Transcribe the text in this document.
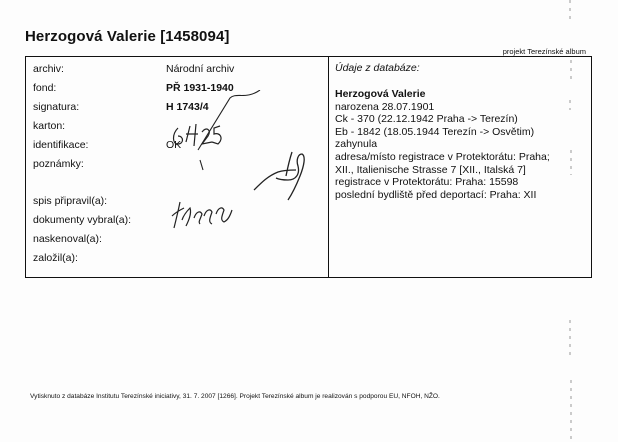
Herzogová Valerie [1458094]
projekt Terezínské album
archiv:
fond:
signatura:
karton:
identifikace:
poznámky:
spis připravil(a):
dokumenty vybral(a):
naskenoval(a):
založil(a):
Národní archiv
PŘ 1931-1940
H 1743/4
OK
Údaje z databáze:
Herzogová Valerie
narozena 28.07.1901
Ck - 370 (22.12.1942 Praha -> Terezín)
Eb - 1842 (18.05.1944 Terezín -> Osvětim)
zahynula
adresa/místo registrace v Protektorátu: Praha;
XII., Italienische Strasse 7 [XII., Italská 7]
registrace v Protektorátu: Praha: 15598
poslední bydliště před deportací: Praha: XII
Vytisknuto z databáze Institutu Terezínské iniciativy, 31. 7. 2007 [1266]. Projekt Terezínské album je realizován s podporou EU, NFOH, NŽO.
